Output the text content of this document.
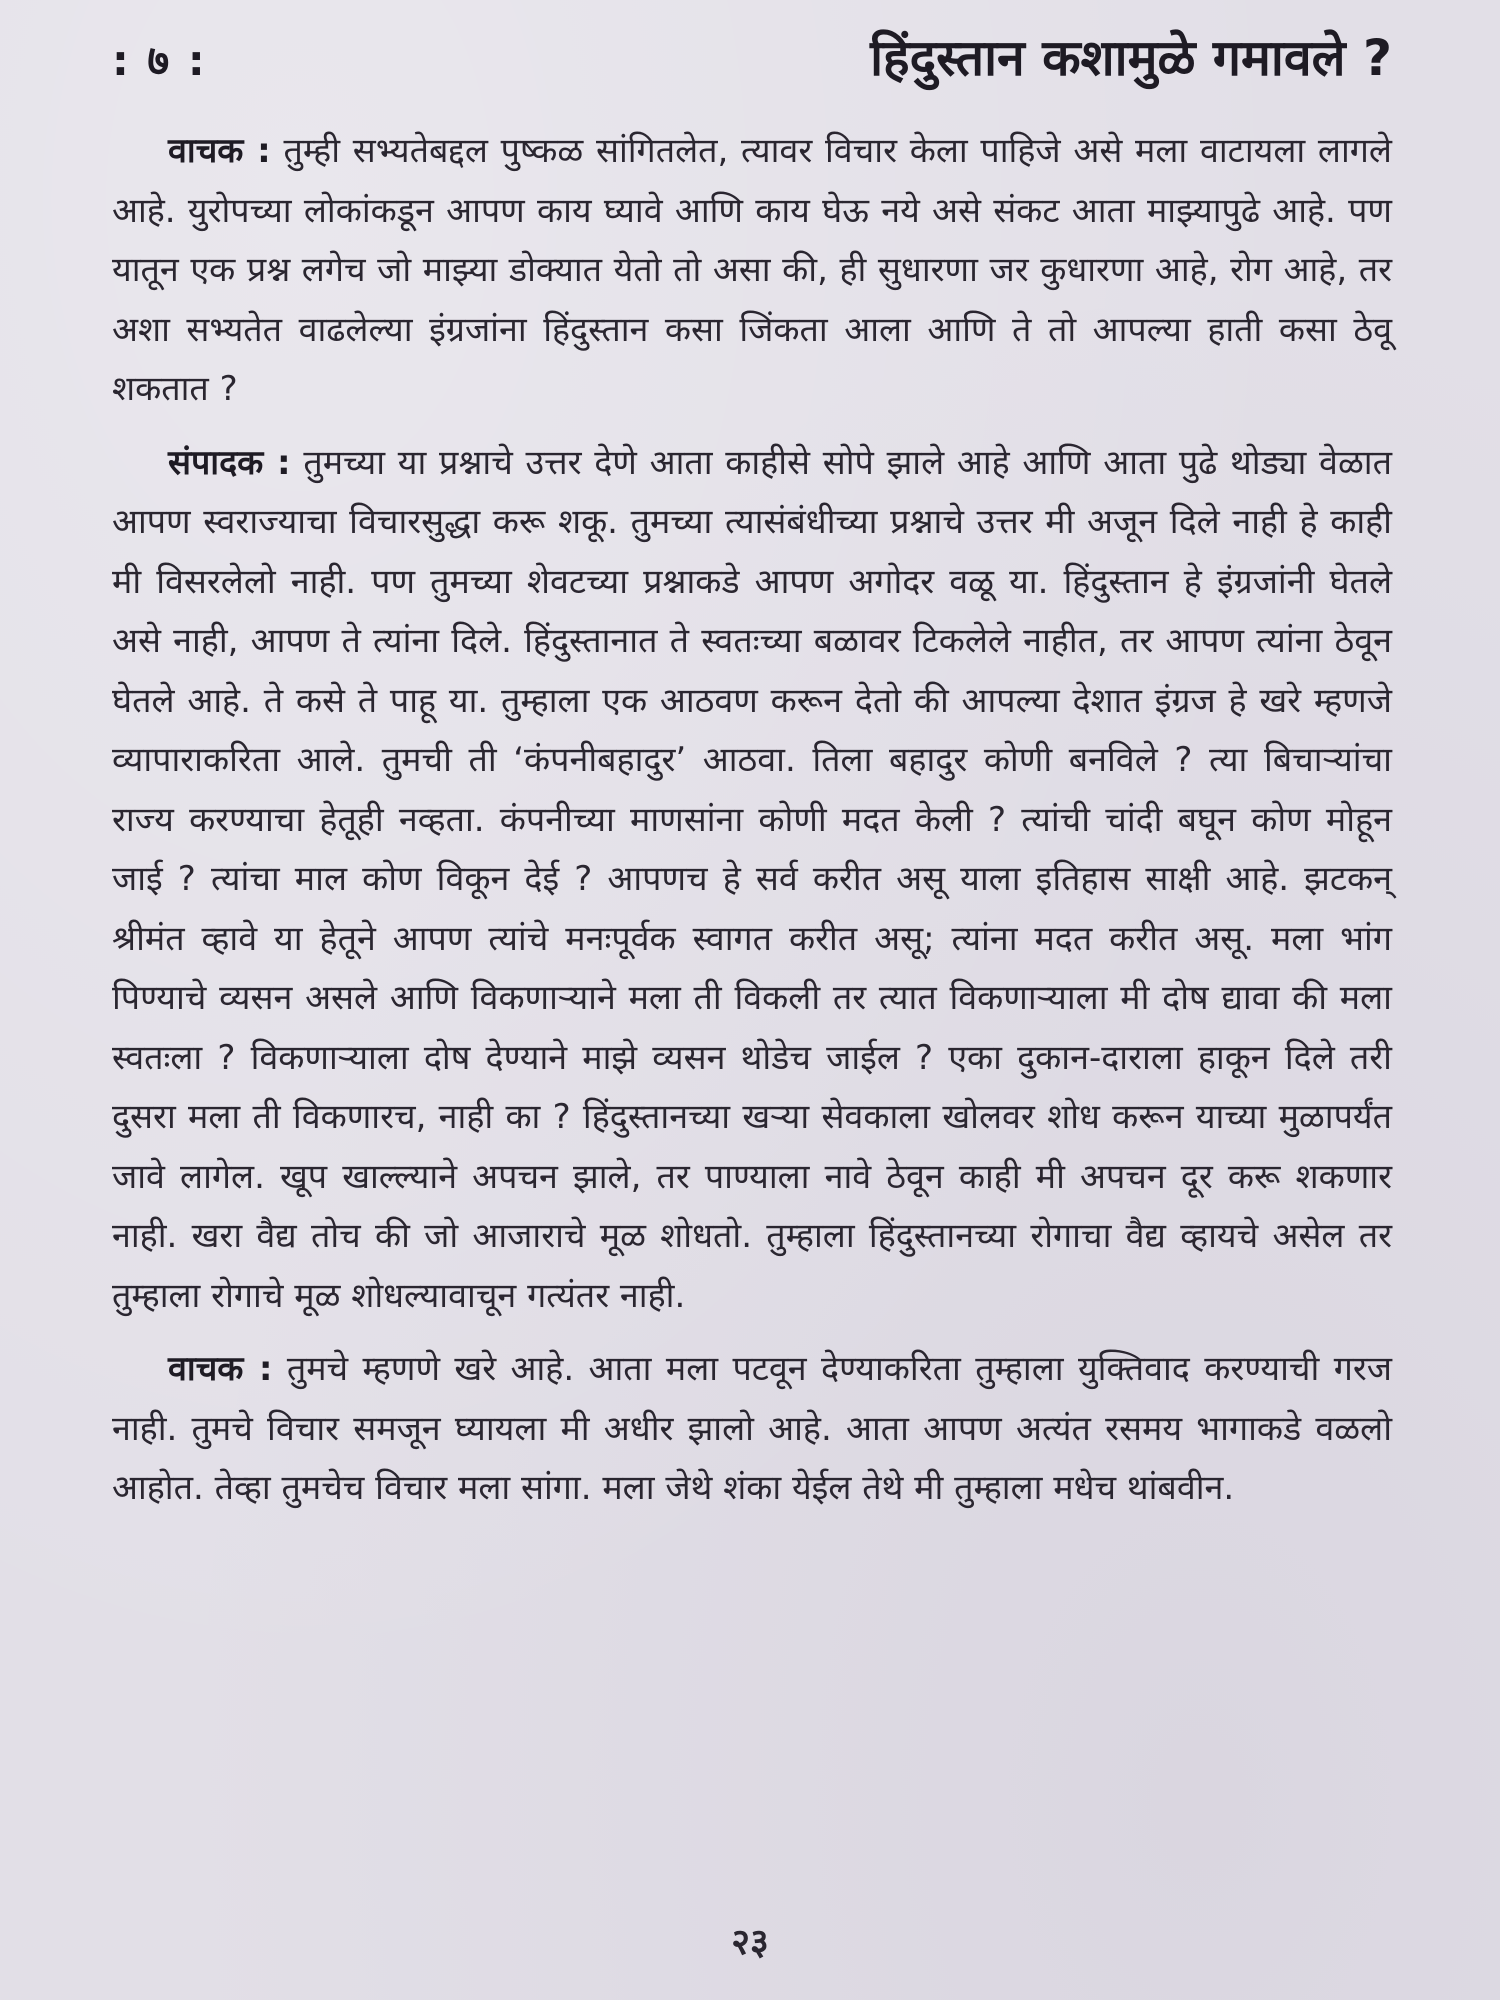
: ७ :	हिंदुस्तान कशामुळे गमावले ?

वाचक : तुम्ही सभ्यतेबद्दल पुष्कळ सांगितलेत, त्यावर विचार केला पाहिजे असे मला वाटायला लागले आहे. युरोपच्या लोकांकडून आपण काय घ्यावे आणि काय घेऊ नये असे संकट आता माझ्यापुढे आहे. पण यातून एक प्रश्न लगेच जो माझ्या डोक्यात येतो तो असा की, ही सुधारणा जर कुधारणा आहे, रोग आहे, तर अशा सभ्यतेत वाढलेल्या इंग्रजांना हिंदुस्तान कसा जिंकता आला आणि ते तो आपल्या हाती कसा ठेवू शकतात ?

संपादक : तुमच्या या प्रश्नाचे उत्तर देणे आता काहीसे सोपे झाले आहे आणि आता पुढे थोड्या वेळात आपण स्वराज्याचा विचारसुद्धा करू शकू. तुमच्या त्यासंबंधीच्या प्रश्नाचे उत्तर मी अजून दिले नाही हे काही मी विसरलेलो नाही. पण तुमच्या शेवटच्या प्रश्नाकडे आपण अगोदर वळू या. हिंदुस्तान हे इंग्रजांनी घेतले असे नाही, आपण ते त्यांना दिले. हिंदुस्तानात ते स्वतःच्या बळावर टिकलेले नाहीत, तर आपण त्यांना ठेवून घेतले आहे. ते कसे ते पाहू या. तुम्हाला एक आठवण करून देतो की आपल्या देशात इंग्रज हे खरे म्हणजे व्यापाराकरिता आले. तुमची ती ‘कंपनीबहादुर’ आठवा. तिला बहादुर कोणी बनविले ? त्या बिचाऱ्यांचा राज्य करण्याचा हेतूही नव्हता. कंपनीच्या माणसांना कोणी मदत केली ? त्यांची चांदी बघून कोण मोहून जाई ? त्यांचा माल कोण विकून देई ? आपणच हे सर्व करीत असू याला इतिहास साक्षी आहे. झटकन् श्रीमंत व्हावे या हेतूने आपण त्यांचे मनःपूर्वक स्वागत करीत असू; त्यांना मदत करीत असू. मला भांग पिण्याचे व्यसन असले आणि विकणाऱ्याने मला ती विकली तर त्यात विकणाऱ्याला मी दोष द्यावा की मला स्वतःला ? विकणाऱ्याला दोष देण्याने माझे व्यसन थोडेच जाईल ? एका दुकान-दाराला हाकून दिले तरी दुसरा मला ती विकणारच, नाही का ? हिंदुस्तानच्या खऱ्या सेवकाला खोलवर शोध करून याच्या मुळापर्यंत जावे लागेल. खूप खाल्ल्याने अपचन झाले, तर पाण्याला नावे ठेवून काही मी अपचन दूर करू शकणार नाही. खरा वैद्य तोच की जो आजाराचे मूळ शोधतो. तुम्हाला हिंदुस्तानच्या रोगाचा वैद्य व्हायचे असेल तर तुम्हाला रोगाचे मूळ शोधल्यावाचून गत्यंतर नाही.

वाचक : तुमचे म्हणणे खरे आहे. आता मला पटवून देण्याकरिता तुम्हाला युक्तिवाद करण्याची गरज नाही. तुमचे विचार समजून घ्यायला मी अधीर झालो आहे. आता आपण अत्यंत रसमय भागाकडे वळलो आहोत. तेव्हा तुमचेच विचार मला सांगा. मला जेथे शंका येईल तेथे मी तुम्हाला मधेच थांबवीन.

२३
